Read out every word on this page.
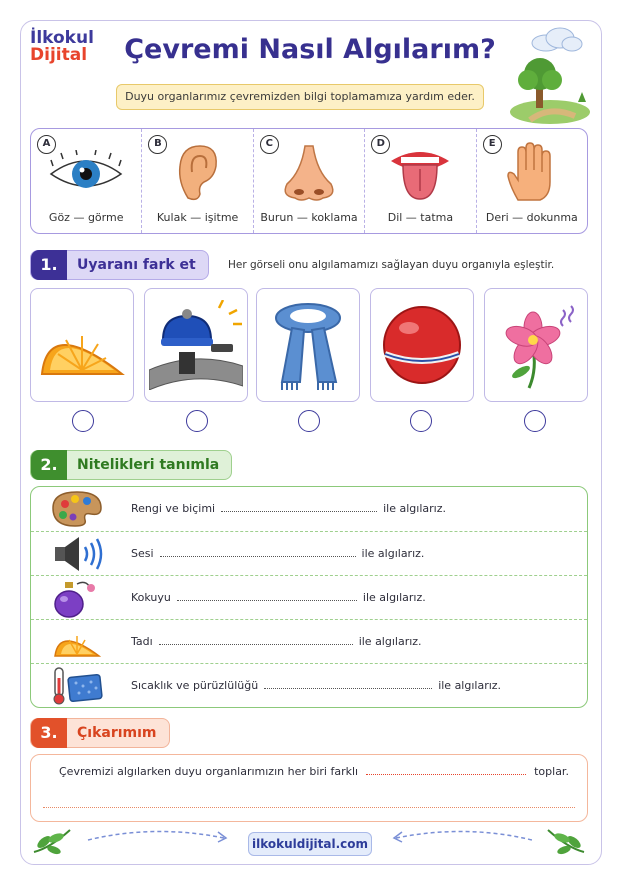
İlkokul
Dijital	Çevremi Nasıl Algılarım?
Duyu organlarımız çevremizden bilgi toplamamıza yardım eder.
A
Göz — görme
B
Kulak — işitme
C
Burun — koklama
D
Dil — tatma
E
Deri — dokunma
1.	Uyaranı fark et	Her görseli onu algılamamızı sağlayan duyu organıyla eşleştir.
2.	Nitelikleri tanımla
Rengi ve biçimi	ile algılarız.
Sesi	ile algılarız.
Kokuyu	ile algılarız.
Tadı	ile algılarız.
Sıcaklık ve pürüzlülüğü	ile algılarız.
3.	Çıkarımım
Çevremizi algılarken duyu organlarımızın her biri farklı	toplar.
ilkokuldijital.com
